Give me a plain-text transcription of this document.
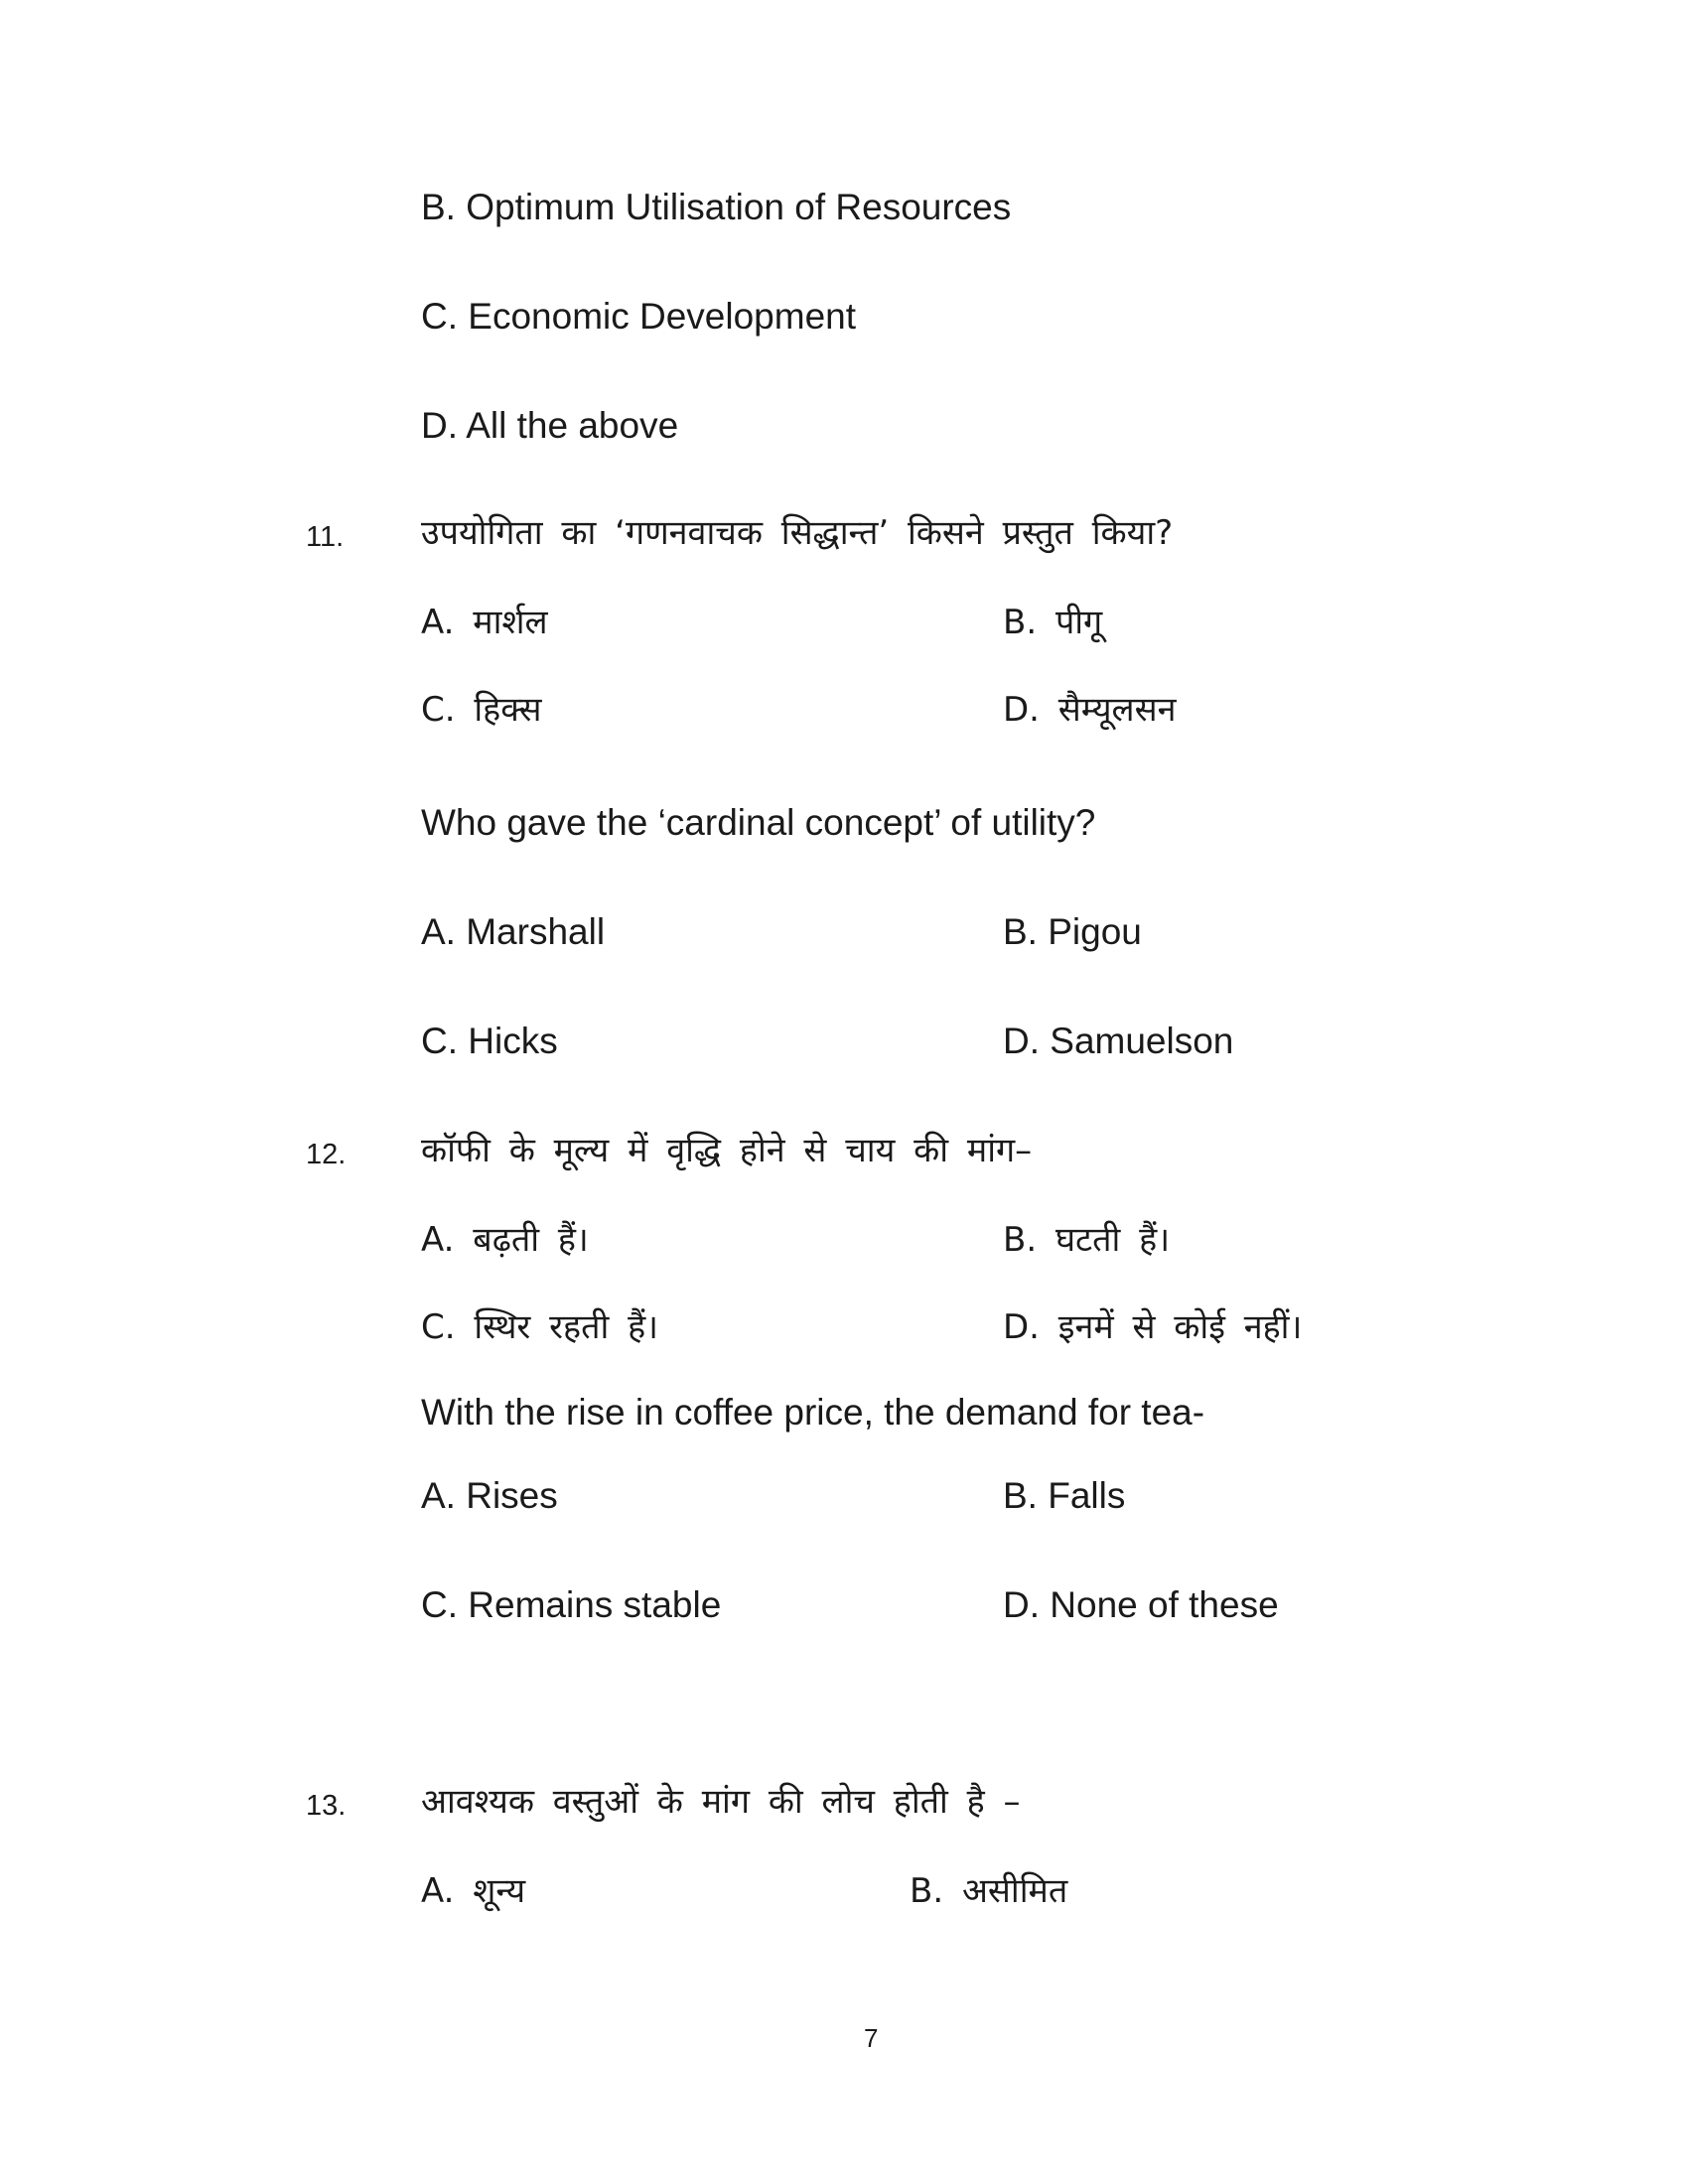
B. Optimum Utilisation of Resources
C. Economic Development
D. All the above
11. उपयोगिता का ‘गणनवाचक सिद्धान्त’ किसने प्रस्तुत किया?
A. मार्शल	B. पीगू
C. हिक्स	D. सैम्यूलसन
Who gave the ‘cardinal concept’ of utility?
A. Marshall	B. Pigou
C. Hicks	D. Samuelson
12. कॉफी के मूल्य में वृद्धि होने से चाय की मांग–
A. बढ़ती हैं।	B. घटती हैं।
C. स्थिर रहती हैं।	D. इनमें से कोई नहीं।
With the rise in coffee price, the demand for tea-
A. Rises	B. Falls
C. Remains stable	D. None of these
13. आवश्यक वस्तुओं के मांग की लोच होती है –
A. शून्य	B. असीमित
7
